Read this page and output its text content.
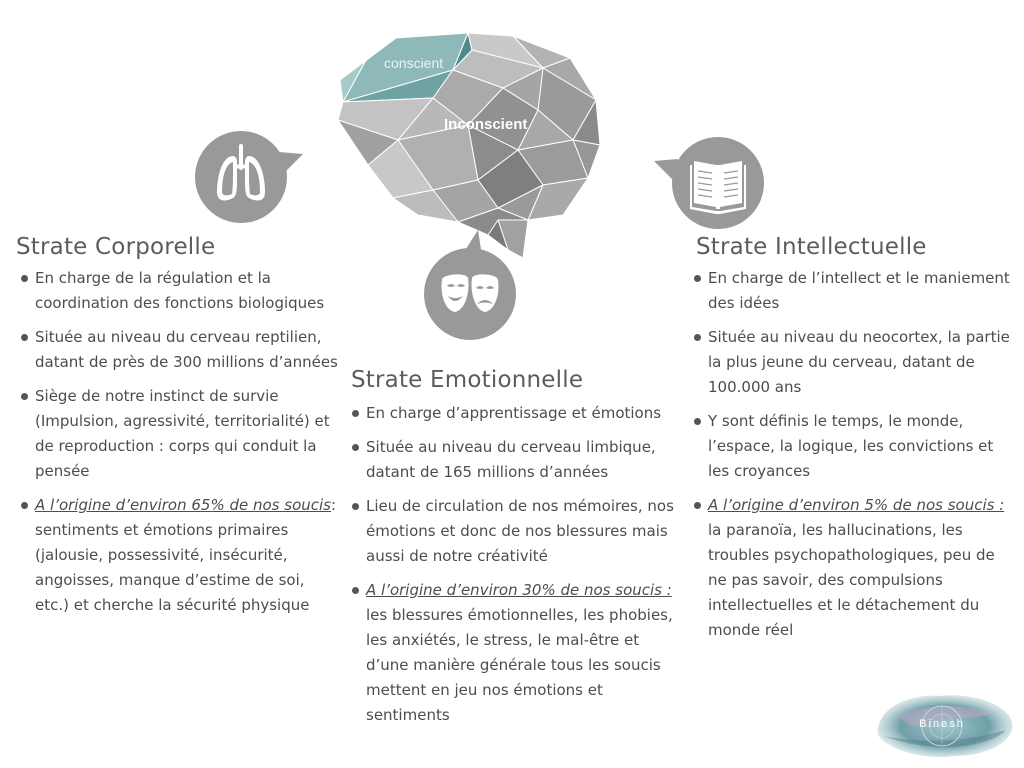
conscient
Inconscient
Strate Corporelle
En charge de la régulation et la coordination des fonctions biologiques
Située au niveau du cerveau reptilien, datant de près de 300 millions d’années
Siège de notre instinct de survie (Impulsion, agressivité, territorialité) et de reproduction : corps qui conduit la pensée
A l’origine d’environ 65% de nos soucis: sentiments et émotions primaires (jalousie, possessivité, insécurité, angoisses, manque d’estime de soi, etc.) et cherche la sécurité physique
Strate Emotionnelle
En charge d’apprentissage et émotions
Située au niveau du cerveau limbique, datant de 165 millions d’années
Lieu de circulation de nos mémoires, nos émotions et donc de nos blessures mais aussi de notre créativité
A l’origine d’environ 30% de nos soucis : les blessures émotionnelles, les phobies, les anxiétés, le stress, le mal-être et d’une manière générale tous les soucis mettent en jeu nos émotions et sentiments
Strate Intellectuelle
En charge de l’intellect et le maniement des idées
Située au niveau du neocortex, la partie la plus jeune du cerveau, datant de 100.000 ans
Y sont définis le temps, le monde, l’espace, la logique, les convictions et les croyances
A l’origine d’environ 5% de nos soucis : la paranoïa, les hallucinations, les troubles psychopathologiques, peu de ne pas savoir, des compulsions intellectuelles et le détachement du monde réel
Binesh
